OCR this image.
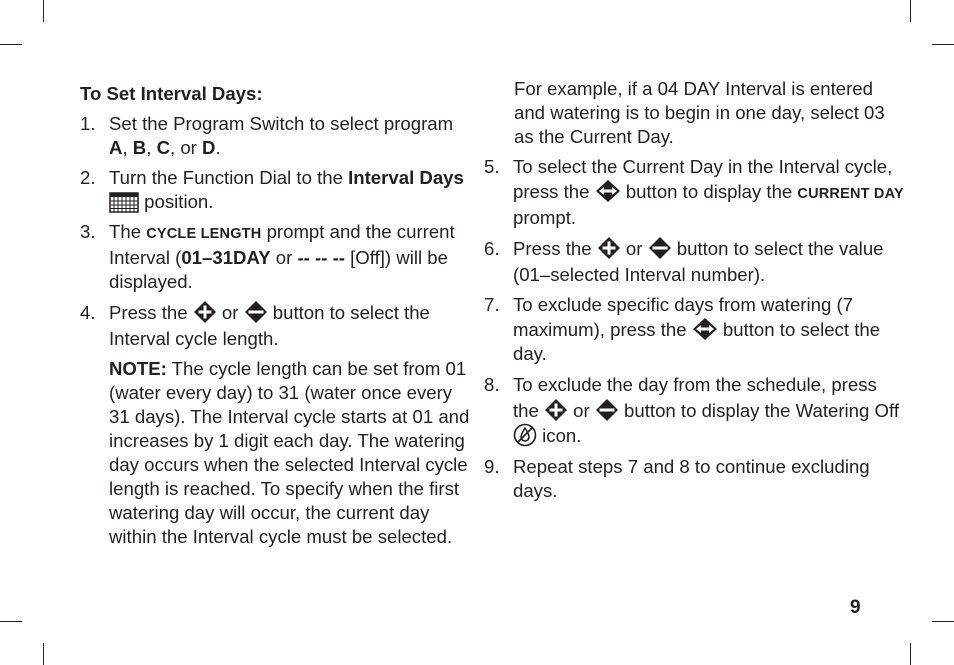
To Set Interval Days:
1. Set the Program Switch to select program A, B, C, or D.
2. Turn the Function Dial to the Interval Days
position.
3. The CYCLE LENGTH prompt and the current Interval (01–31DAY or -- -- -- [Off]) will be displayed.
4. Press the
or
button to select the Interval cycle length.
NOTE: The cycle length can be set from 01 (water every day) to 31 (water once every 31 days). The Interval cycle starts at 01 and increases by 1 digit each day. The watering day occurs when the selected Interval cycle length is reached. To specify when the first watering day will occur, the current day within the Interval cycle must be selected.
For example, if a 04 DAY Interval is entered and watering is to begin in one day, select 03 as the Current Day.
5. To select the Current Day in the Interval cycle, press the
button to display the CURRENT DAY prompt.
6. Press the
or
button to select the value (01–selected Interval number).
7. To exclude specific days from watering (7 maximum), press the
button to select the day.
8. To exclude the day from the schedule, press the
or
button to display the Watering Off
icon.
9. Repeat steps 7 and 8 to continue excluding days.
9
